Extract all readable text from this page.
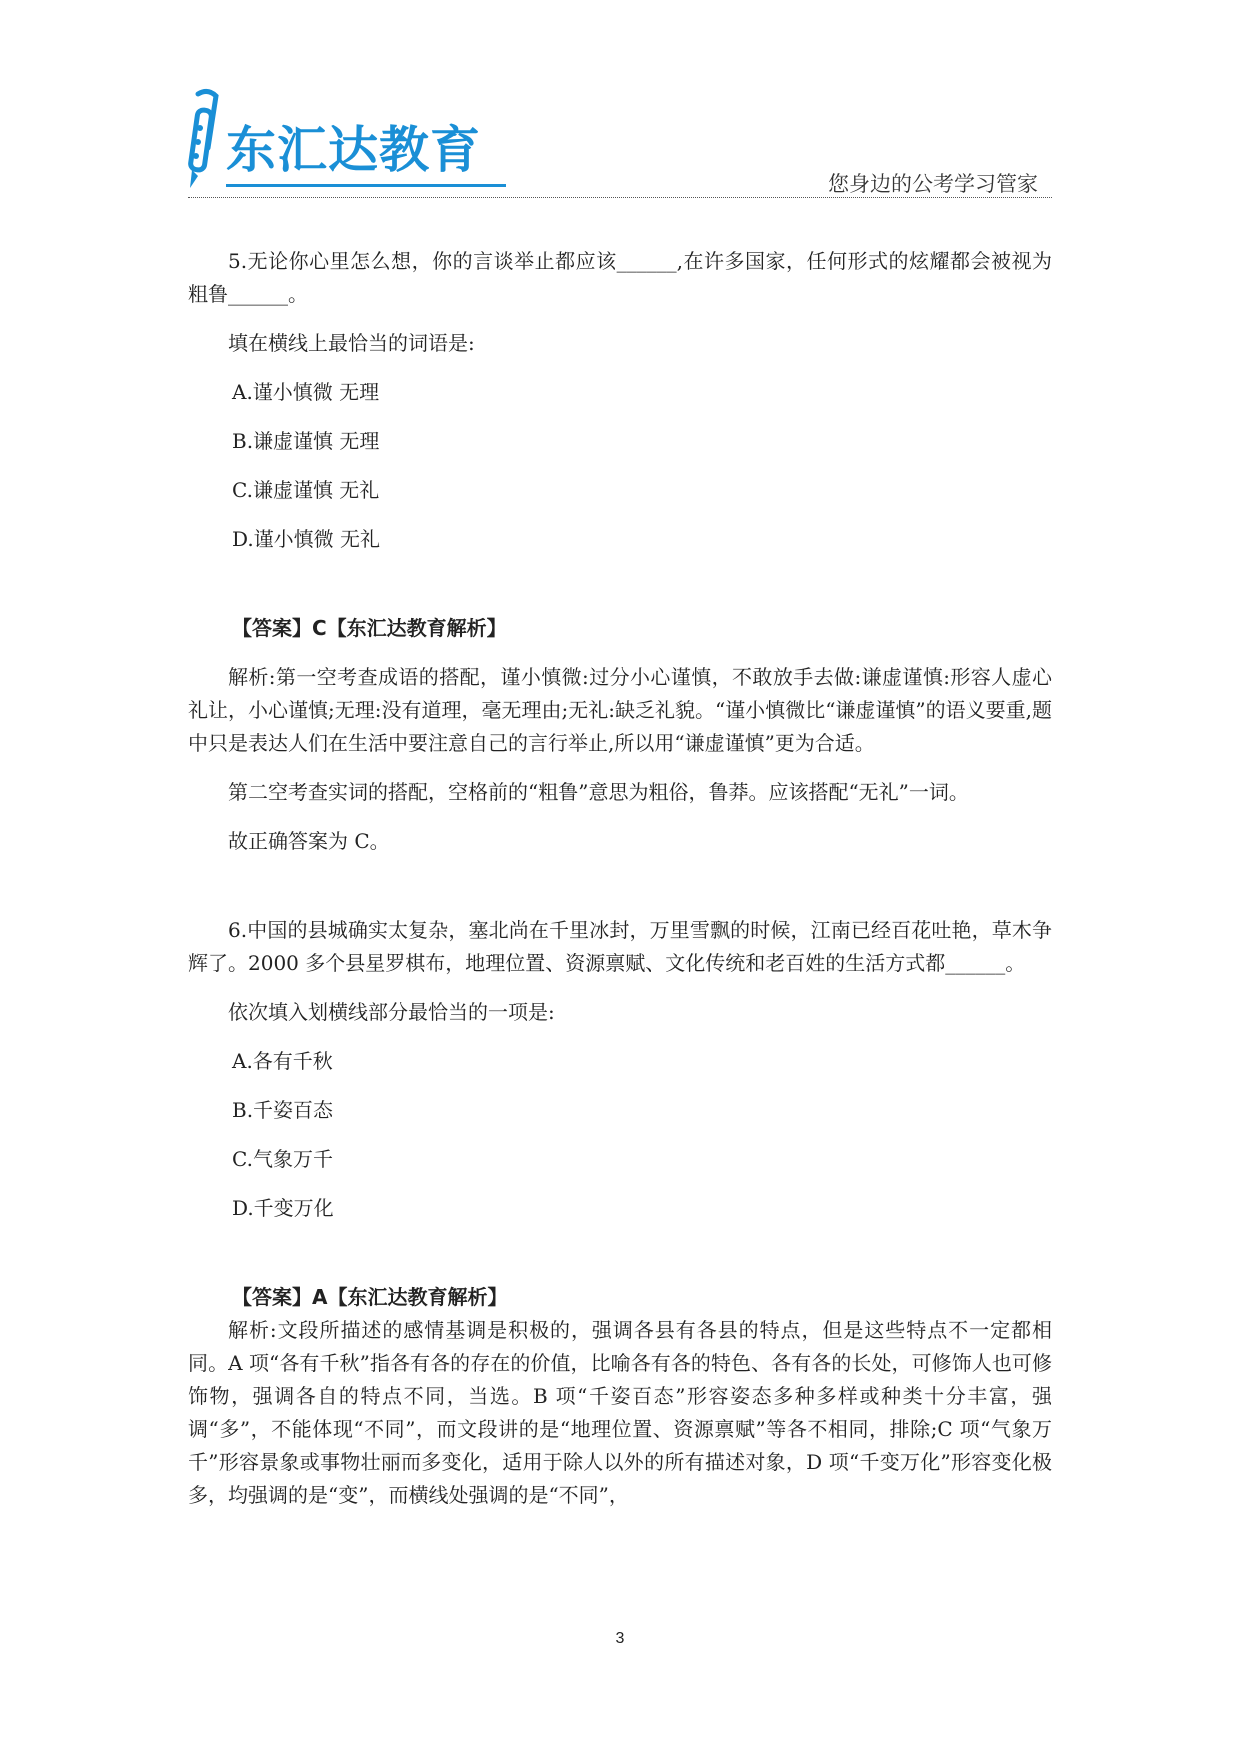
东汇达教育
您身边的公考学习管家

5.无论你心里怎么想，你的言谈举止都应该______,在许多国家，任何形式的炫耀都会被视为粗鲁______。

填在横线上最恰当的词语是:

A.谨小慎微 无理

B.谦虚谨慎 无理

C.谦虚谨慎 无礼

D.谨小慎微 无礼

【答案】C【东汇达教育解析】

解析:第一空考查成语的搭配，谨小慎微:过分小心谨慎，不敢放手去做:谦虚谨慎:形容人虚心礼让，小心谨慎;无理:没有道理，毫无理由;无礼:缺乏礼貌。“谨小慎微比“谦虚谨慎”的语义要重,题中只是表达人们在生活中要注意自己的言行举止,所以用“谦虚谨慎”更为合适。

第二空考查实词的搭配，空格前的“粗鲁”意思为粗俗，鲁莽。应该搭配“无礼”一词。

故正确答案为 C。

6.中国的县城确实太复杂，塞北尚在千里冰封，万里雪飘的时候，江南已经百花吐艳，草木争辉了。2000 多个县星罗棋布，地理位置、资源禀赋、文化传统和老百姓的生活方式都______。

依次填入划横线部分最恰当的一项是:

A.各有千秋

B.千姿百态

C.气象万千

D.千变万化

【答案】A【东汇达教育解析】

解析:文段所描述的感情基调是积极的，强调各县有各县的特点，但是这些特点不一定都相同。A 项“各有千秋”指各有各的存在的价值，比喻各有各的特色、各有各的长处，可修饰人也可修饰物，强调各自的特点不同，当选。B 项“千姿百态”形容姿态多种多样或种类十分丰富，强调“多”，不能体现“不同”，而文段讲的是“地理位置、资源禀赋”等各不相同，排除;C 项“气象万千”形容景象或事物壮丽而多变化，适用于除人以外的所有描述对象，D 项“千变万化”形容变化极多，均强调的是“变”，而横线处强调的是“不同”，

3
